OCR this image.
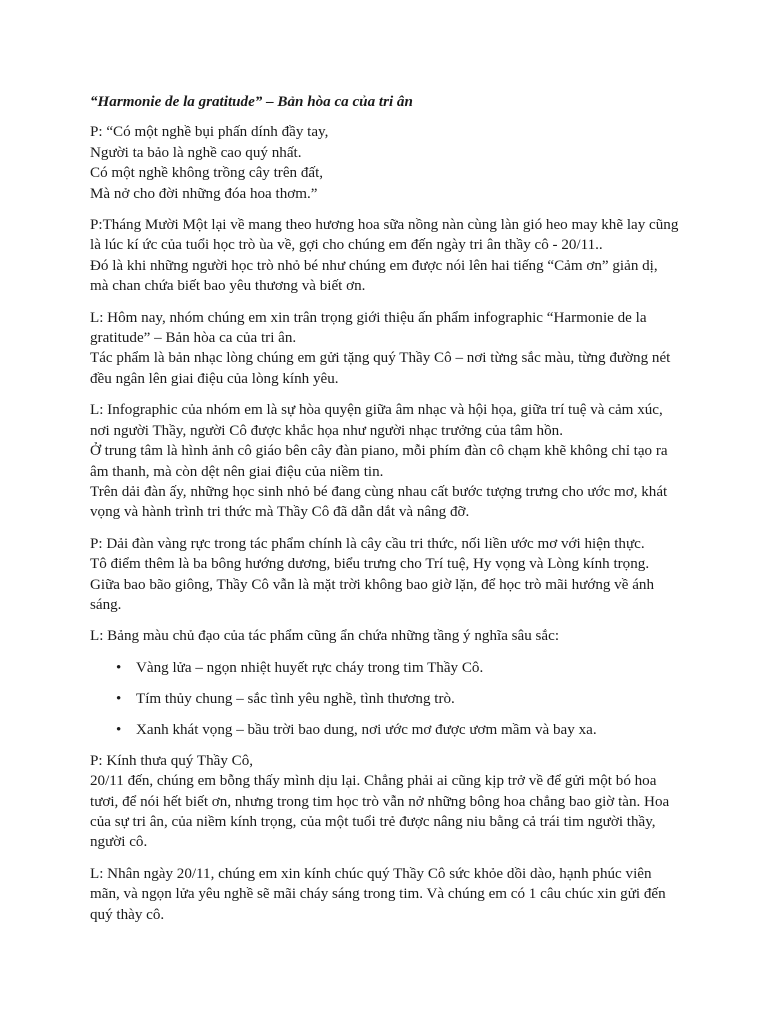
“Harmonie de la gratitude” – Bản hòa ca của tri ân
P: “Có một nghề bụi phấn dính đầy tay,
Người ta bảo là nghề cao quý nhất.
Có một nghề không trồng cây trên đất,
Mà nở cho đời những đóa hoa thơm.”
P:Tháng Mười Một lại về mang theo hương hoa sữa nồng nàn cùng làn gió heo may khẽ lay cũng
là lúc kí ức của tuổi học trò ùa về, gợi cho chúng em đến ngày tri ân thầy cô - 20/11..
Đó là khi những người học trò nhỏ bé như chúng em được nói lên hai tiếng “Cảm ơn” giản dị,
mà chan chứa biết bao yêu thương và biết ơn.
L: Hôm nay, nhóm chúng em xin trân trọng giới thiệu ấn phẩm infographic “Harmonie de la
gratitude” – Bản hòa ca của tri ân.
Tác phẩm là bản nhạc lòng chúng em gửi tặng quý Thầy Cô – nơi từng sắc màu, từng đường nét
đều ngân lên giai điệu của lòng kính yêu.
L: Infographic của nhóm em là sự hòa quyện giữa âm nhạc và hội họa, giữa trí tuệ và cảm xúc,
nơi người Thầy, người Cô được khắc họa như người nhạc trưởng của tâm hồn.
Ở trung tâm là hình ảnh cô giáo bên cây đàn piano, mỗi phím đàn cô chạm khẽ không chỉ tạo ra
âm thanh, mà còn dệt nên giai điệu của niềm tin.
Trên dải đàn ấy, những học sinh nhỏ bé đang cùng nhau cất bước tượng trưng cho ước mơ, khát
vọng và hành trình tri thức mà Thầy Cô đã dẫn dắt và nâng đỡ.
P: Dải đàn vàng rực trong tác phẩm chính là cây cầu tri thức, nối liền ước mơ với hiện thực.
Tô điểm thêm là ba bông hướng dương, biểu trưng cho Trí tuệ, Hy vọng và Lòng kính trọng.
Giữa bao bão giông, Thầy Cô vẫn là mặt trời không bao giờ lặn, để học trò mãi hướng về ánh
sáng.
L: Bảng màu chủ đạo của tác phẩm cũng ẩn chứa những tầng ý nghĩa sâu sắc:
• Vàng lửa – ngọn nhiệt huyết rực cháy trong tim Thầy Cô.
• Tím thủy chung – sắc tình yêu nghề, tình thương trò.
• Xanh khát vọng – bầu trời bao dung, nơi ước mơ được ươm mầm và bay xa.
P: Kính thưa quý Thầy Cô,
20/11 đến, chúng em bỗng thấy mình dịu lại. Chẳng phải ai cũng kịp trở về để gửi một bó hoa
tươi, để nói hết biết ơn, nhưng trong tim học trò vẫn nở những bông hoa chẳng bao giờ tàn. Hoa
của sự tri ân, của niềm kính trọng, của một tuổi trẻ được nâng niu bằng cả trái tim người thầy,
người cô.
L: Nhân ngày 20/11, chúng em xin kính chúc quý Thầy Cô sức khỏe dồi dào, hạnh phúc viên
mãn, và ngọn lửa yêu nghề sẽ mãi cháy sáng trong tim. Và chúng em có 1 câu chúc xin gửi đến
quý thày cô.
